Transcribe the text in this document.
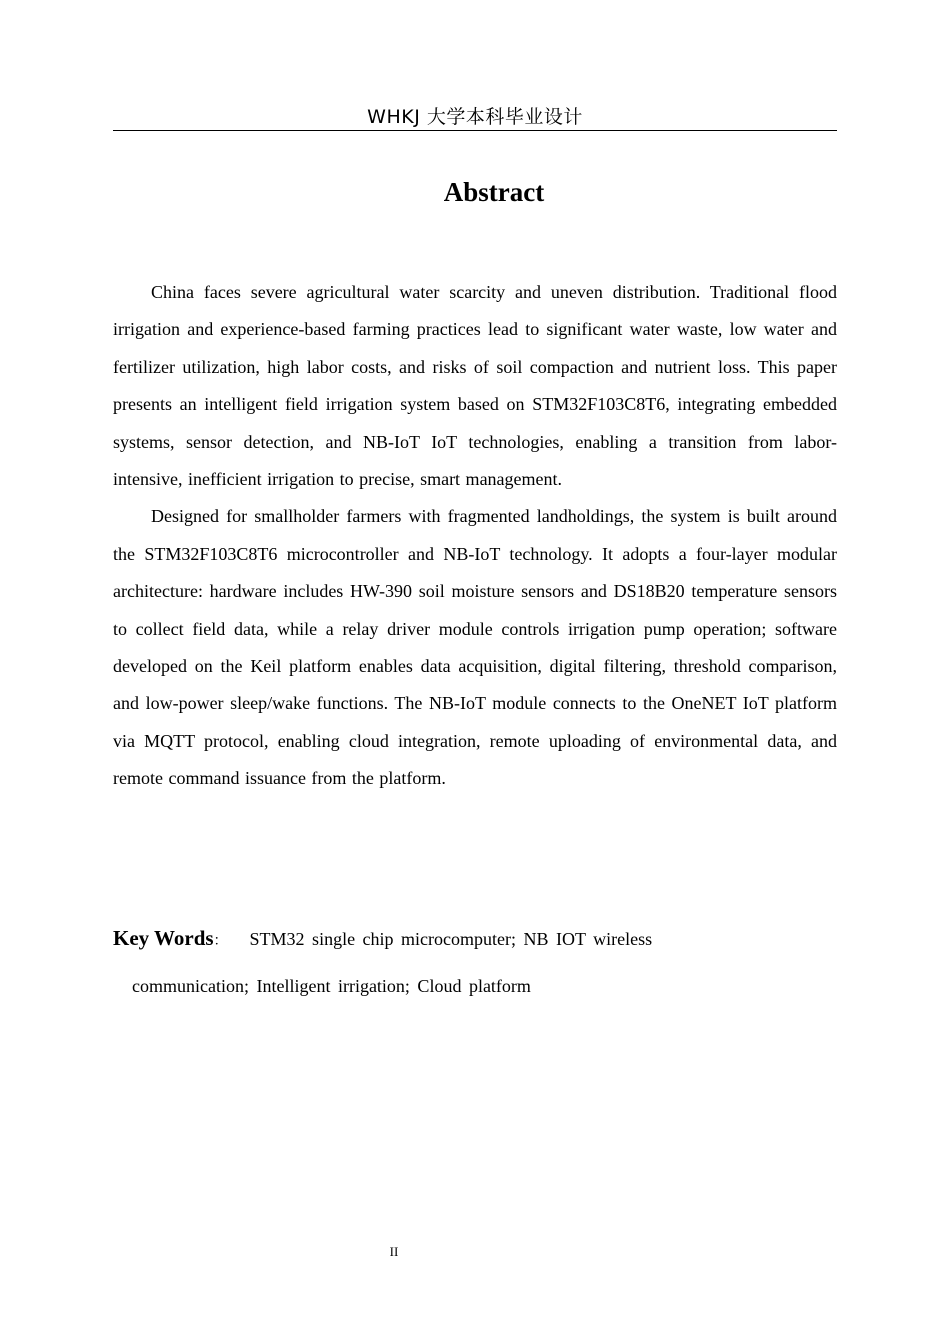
WHKJ 大学本科毕业设计
Abstract

China faces severe agricultural water scarcity and uneven distribution. Traditional flood irrigation and experience-based farming practices lead to significant water waste, low water and fertilizer utilization, high labor costs, and risks of soil compaction and nutrient loss. This paper presents an intelligent field irrigation system based on STM32F103C8T6, integrating embedded systems, sensor detection, and NB-IoT IoT technologies, enabling a transition from labor-intensive, inefficient irrigation to precise, smart management.

Designed for smallholder farmers with fragmented landholdings, the system is built around the STM32F103C8T6 microcontroller and NB-IoT technology. It adopts a four-layer modular architecture: hardware includes HW-390 soil moisture sensors and DS18B20 temperature sensors to collect field data, while a relay driver module controls irrigation pump operation; software developed on the Keil platform enables data acquisition, digital filtering, threshold comparison, and low-power sleep/wake functions. The NB-IoT module connects to the OneNET IoT platform via MQTT protocol, enabling cloud integration, remote uploading of environmental data, and remote command issuance from the platform.

Key Words： STM32 single chip microcomputer; NB IOT wireless
communication; Intelligent irrigation; Cloud platform
II
